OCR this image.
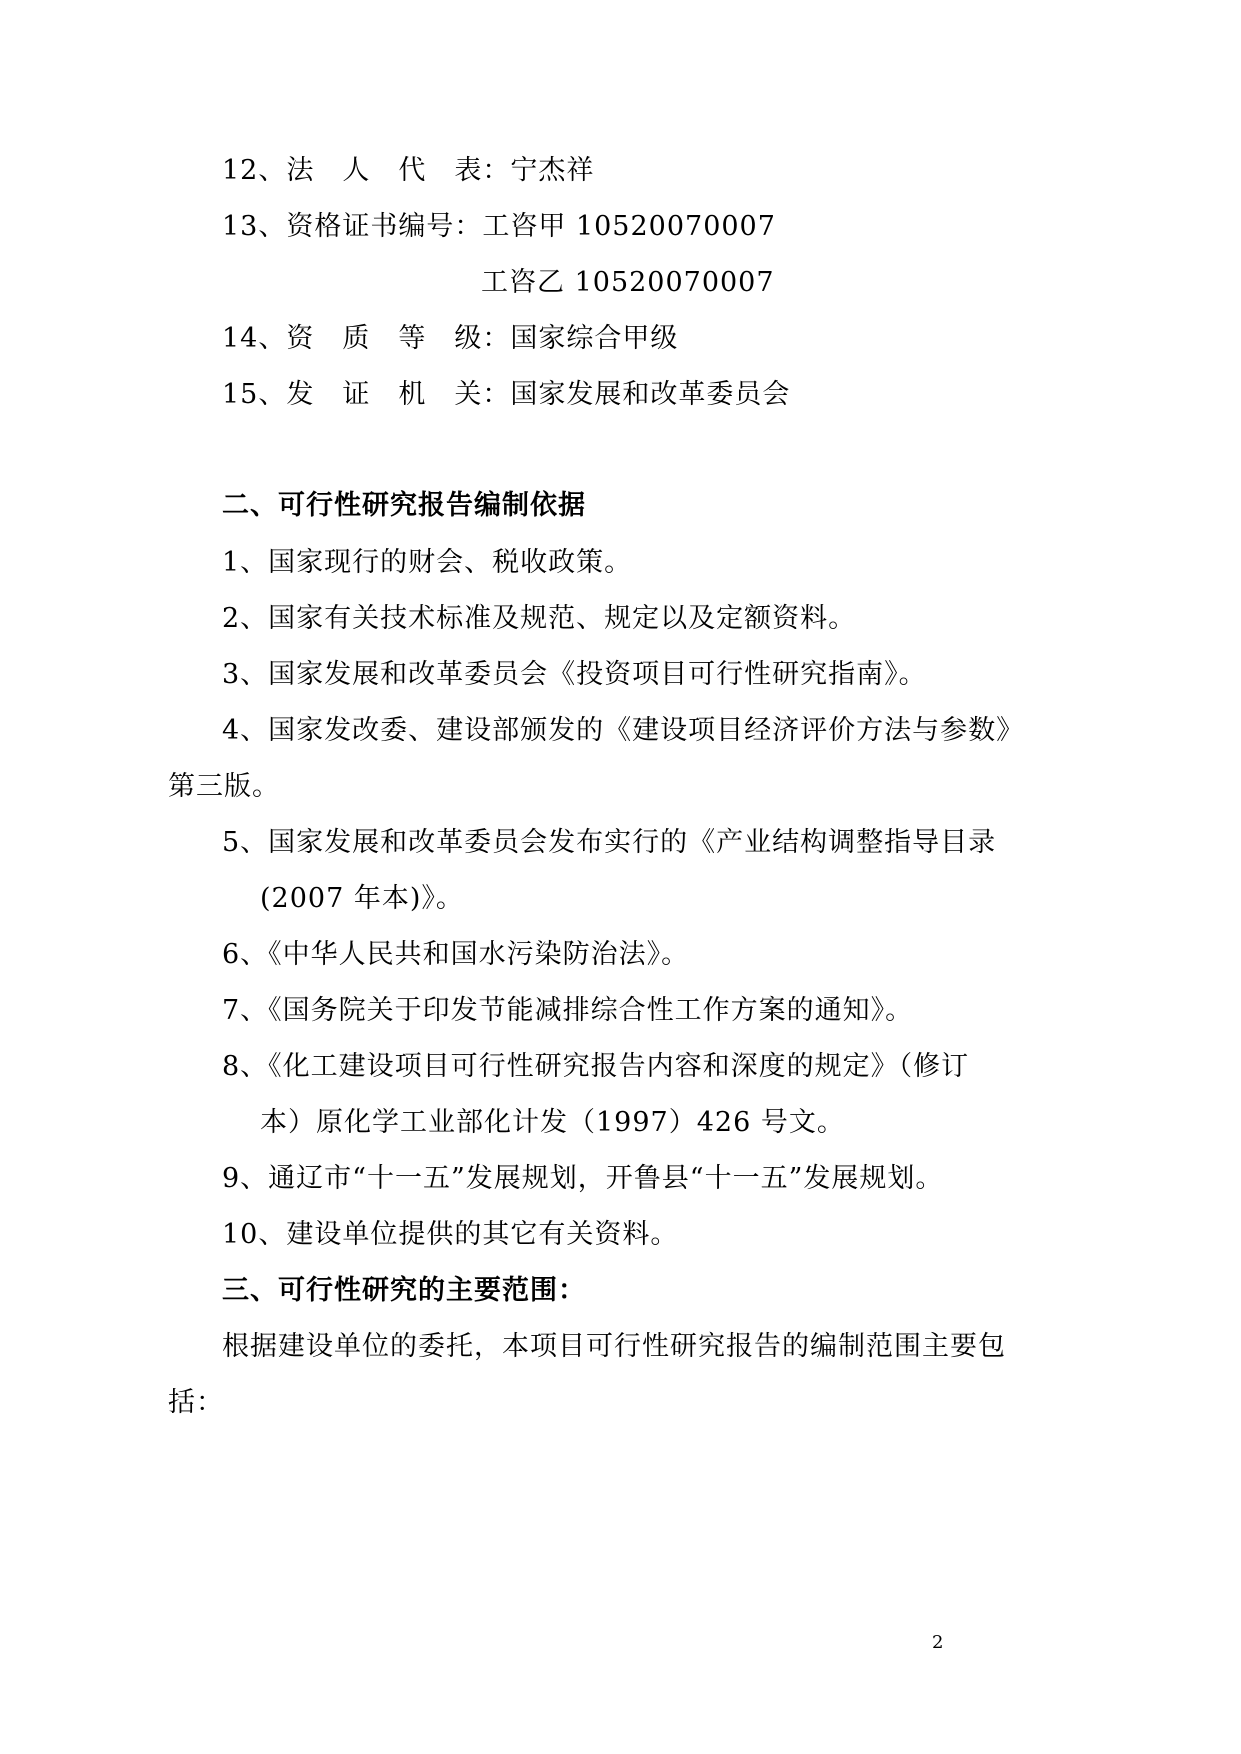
12、法　人　代　表：宁杰祥
13、资格证书编号：工咨甲 10520070007
工咨乙 10520070007
14、资　质　等　级：国家综合甲级
15、发　证　机　关：国家发展和改革委员会
二、可行性研究报告编制依据
1、国家现行的财会、税收政策。
2、国家有关技术标准及规范、规定以及定额资料。
3、国家发展和改革委员会《投资项目可行性研究指南》。
4、国家发改委、建设部颁发的《建设项目经济评价方法与参数》
第三版。
5、国家发展和改革委员会发布实行的《产业结构调整指导目录
(2007 年本)》。
6、《中华人民共和国水污染防治法》。
7、《国务院关于印发节能减排综合性工作方案的通知》。
8、《化工建设项目可行性研究报告内容和深度的规定》（修订
本）原化学工业部化计发（1997）426 号文。
9、通辽市“十一五”发展规划，开鲁县“十一五”发展规划。
10、建设单位提供的其它有关资料。
三、可行性研究的主要范围：
根据建设单位的委托，本项目可行性研究报告的编制范围主要包
括：
2
